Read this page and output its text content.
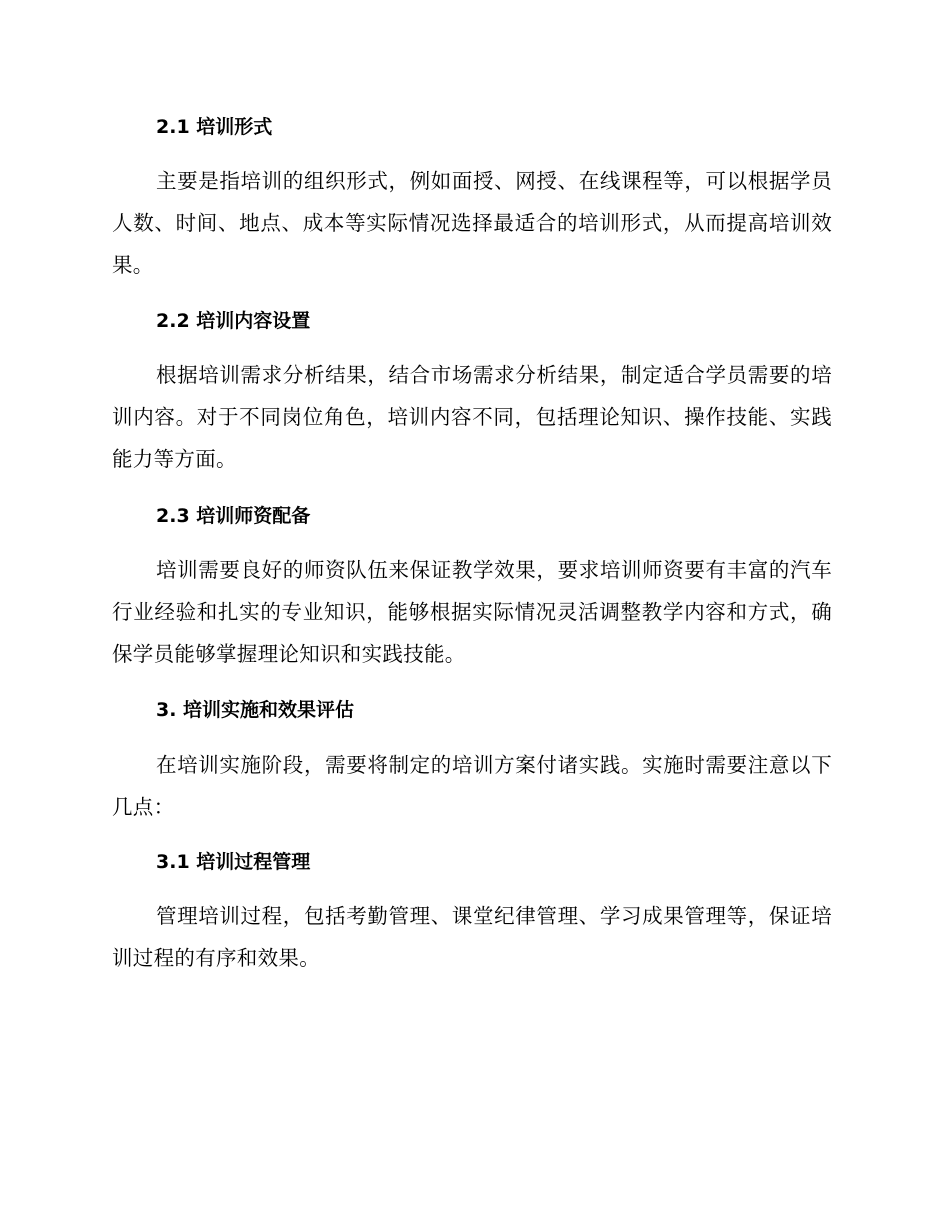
2.1 培训形式

主要是指培训的组织形式，例如面授、网授、在线课程等，可以根据学员人数、时间、地点、成本等实际情况选择最适合的培训形式，从而提高培训效果。

2.2 培训内容设置

根据培训需求分析结果，结合市场需求分析结果，制定适合学员需要的培训内容。对于不同岗位角色，培训内容不同，包括理论知识、操作技能、实践能力等方面。

2.3 培训师资配备

培训需要良好的师资队伍来保证教学效果，要求培训师资要有丰富的汽车行业经验和扎实的专业知识，能够根据实际情况灵活调整教学内容和方式，确保学员能够掌握理论知识和实践技能。

3. 培训实施和效果评估

在培训实施阶段，需要将制定的培训方案付诸实践。实施时需要注意以下几点：

3.1 培训过程管理

管理培训过程，包括考勤管理、课堂纪律管理、学习成果管理等，保证培训过程的有序和效果。
